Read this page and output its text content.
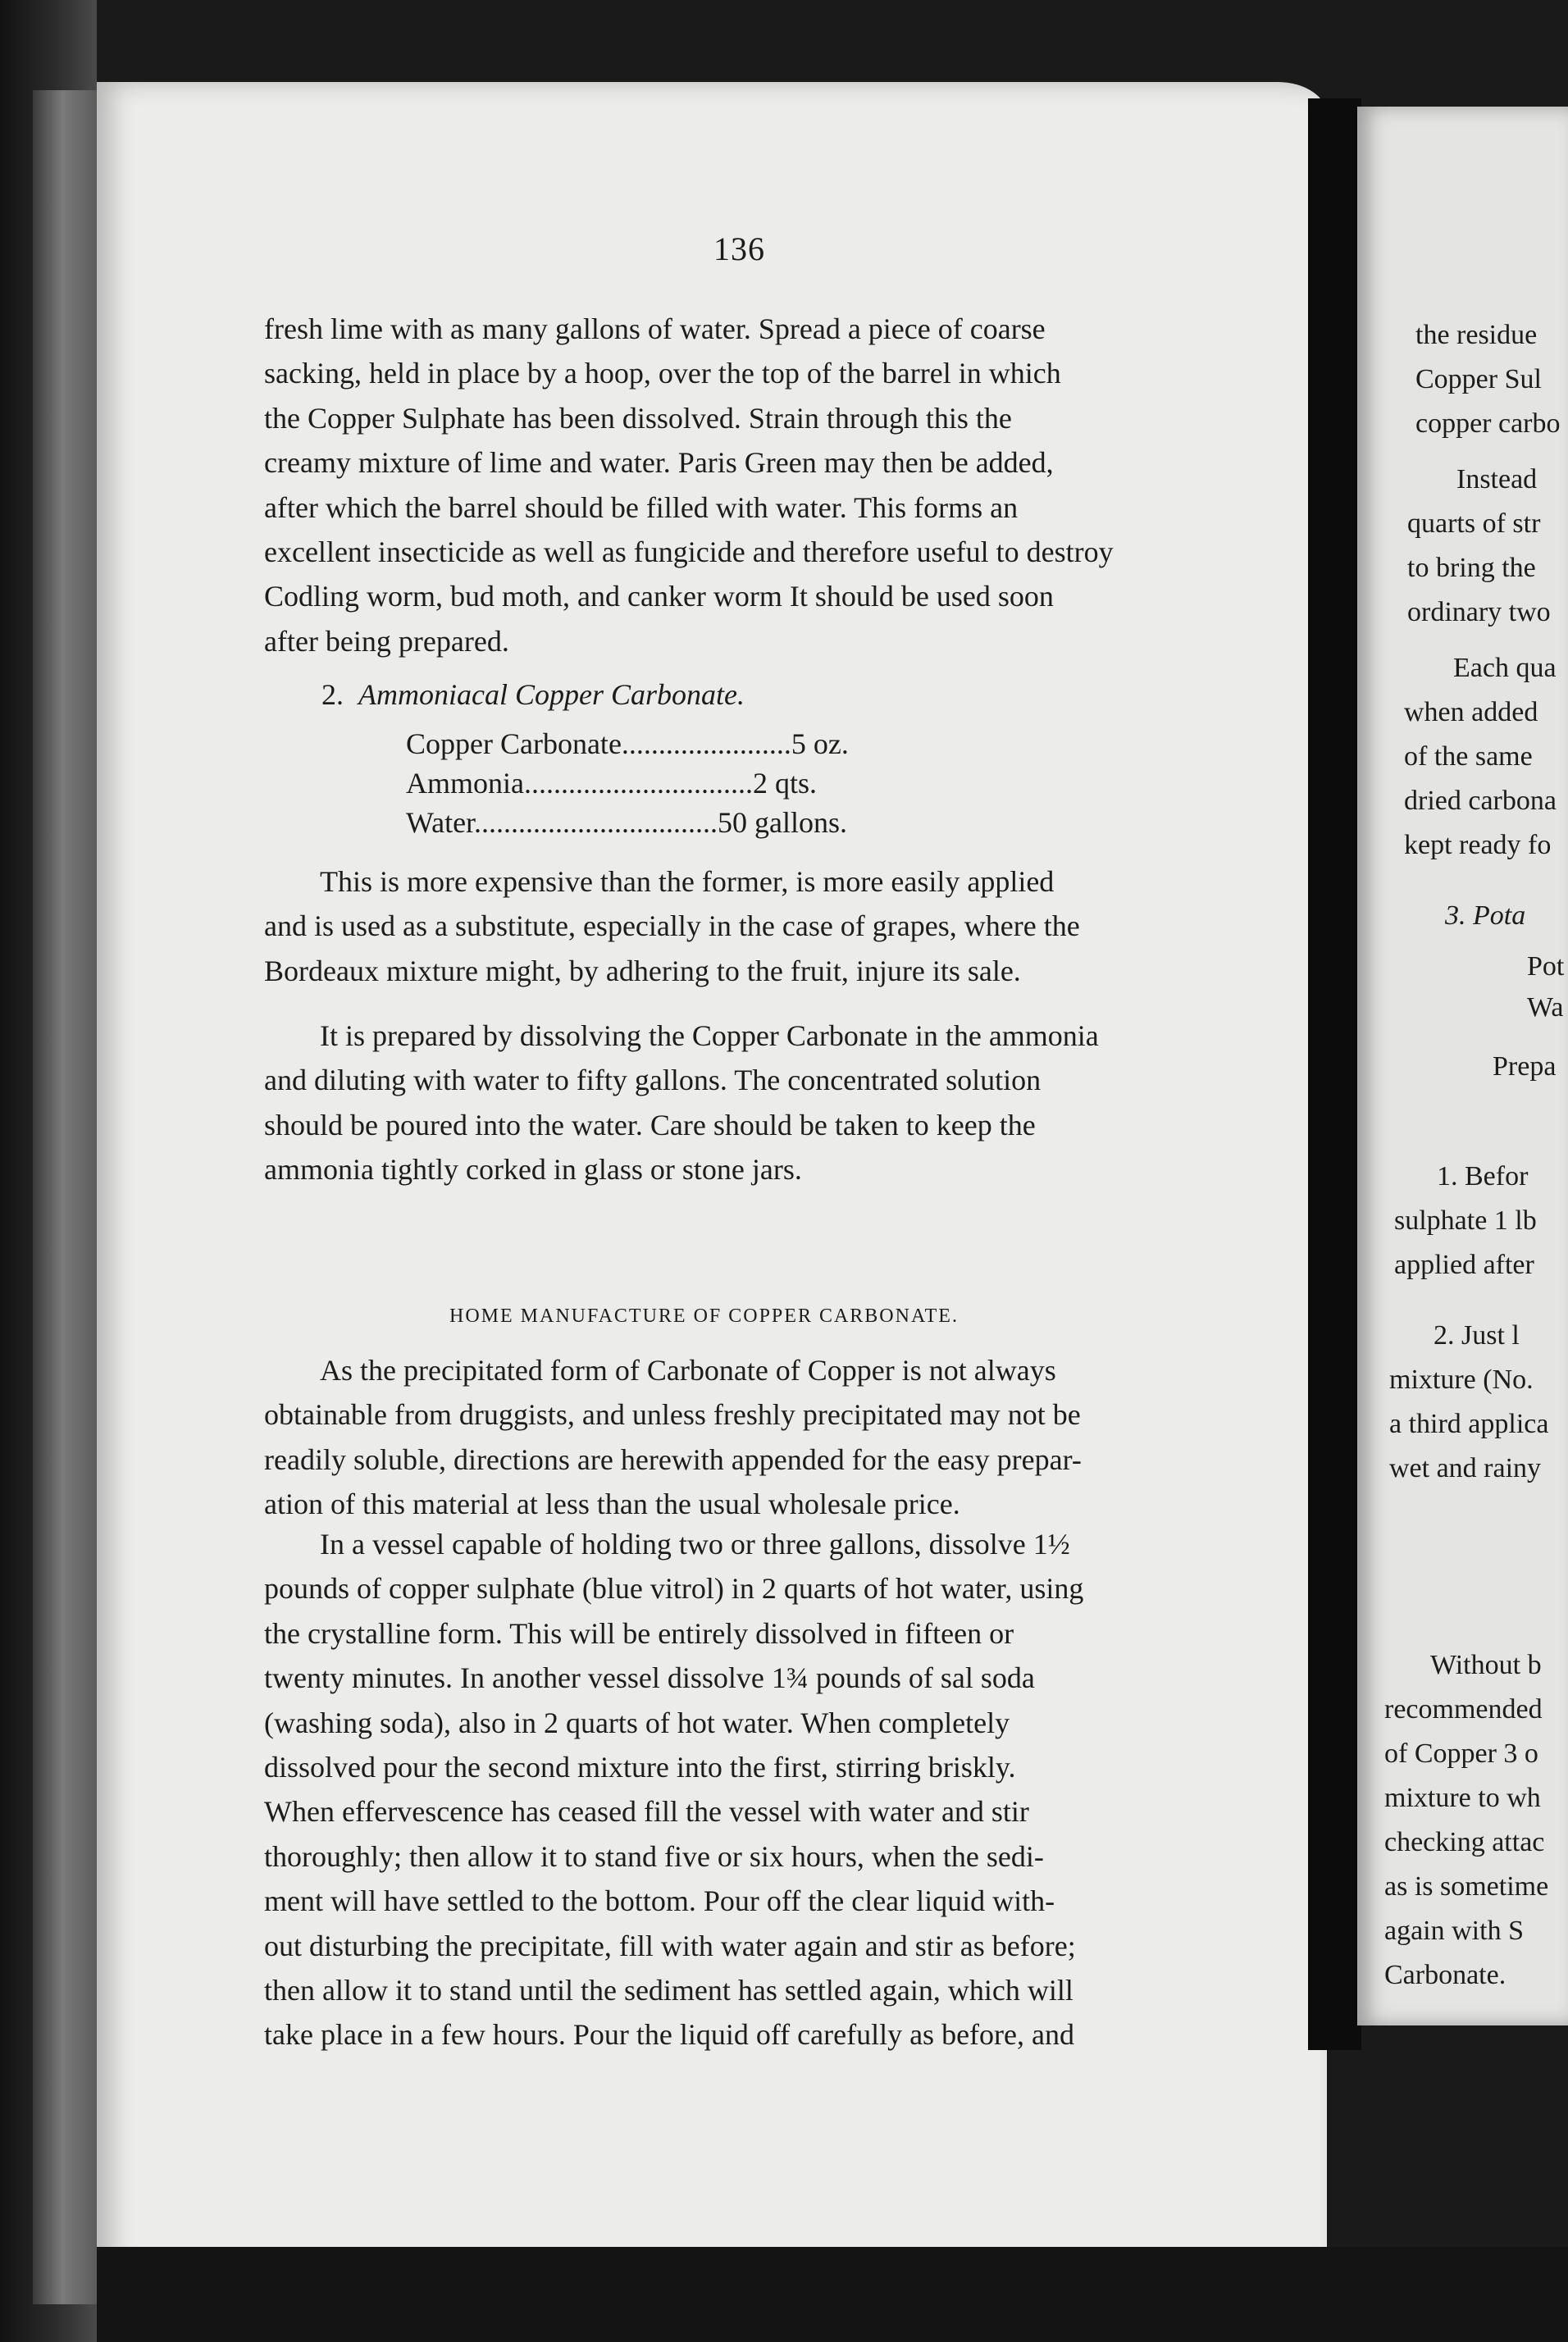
136
fresh lime with as many gallons of water. Spread a piece of coarse
sacking, held in place by a hoop, over the top of the barrel in which
the Copper Sulphate has been dissolved. Strain through this the
creamy mixture of lime and water. Paris Green may then be added,
after which the barrel should be filled with water. This forms an
excellent insecticide as well as fungicide and therefore useful to destroy
Codling worm, bud moth, and canker worm It should be used soon
after being prepared.
2. Ammoniacal Copper Carbonate.
Copper Carbonate.......................5 oz.
Ammonia...............................2 qts.
Water.................................50 gallons.
This is more expensive than the former, is more easily applied
and is used as a substitute, especially in the case of grapes, where the
Bordeaux mixture might, by adhering to the fruit, injure its sale.
It is prepared by dissolving the Copper Carbonate in the ammonia
and diluting with water to fifty gallons. The concentrated solution
should be poured into the water. Care should be taken to keep the
ammonia tightly corked in glass or stone jars.
HOME MANUFACTURE OF COPPER CARBONATE.
As the precipitated form of Carbonate of Copper is not always
obtainable from druggists, and unless freshly precipitated may not be
readily soluble, directions are herewith appended for the easy prepar-
ation of this material at less than the usual wholesale price.
In a vessel capable of holding two or three gallons, dissolve 1½
pounds of copper sulphate (blue vitrol) in 2 quarts of hot water, using
the crystalline form. This will be entirely dissolved in fifteen or
twenty minutes. In another vessel dissolve 1¾ pounds of sal soda
(washing soda), also in 2 quarts of hot water. When completely
dissolved pour the second mixture into the first, stirring briskly.
When effervescence has ceased fill the vessel with water and stir
thoroughly; then allow it to stand five or six hours, when the sedi-
ment will have settled to the bottom. Pour off the clear liquid with-
out disturbing the precipitate, fill with water again and stir as before;
then allow it to stand until the sediment has settled again, which will
take place in a few hours. Pour the liquid off carefully as before, and
the residue
Copper Sul
copper carbo
Instead
quarts of str
to bring the
ordinary two
Each qua
when added
of the same
dried carbona
kept ready fo
3. Pota
Pot
Wa
Prepa
1. Befor
sulphate 1 lb
applied after
2. Just l
mixture (No.
a third applica
wet and rainy
Without b
recommended
of Copper 3 o
mixture to wh
checking attac
as is sometime
again with S
Carbonate.
